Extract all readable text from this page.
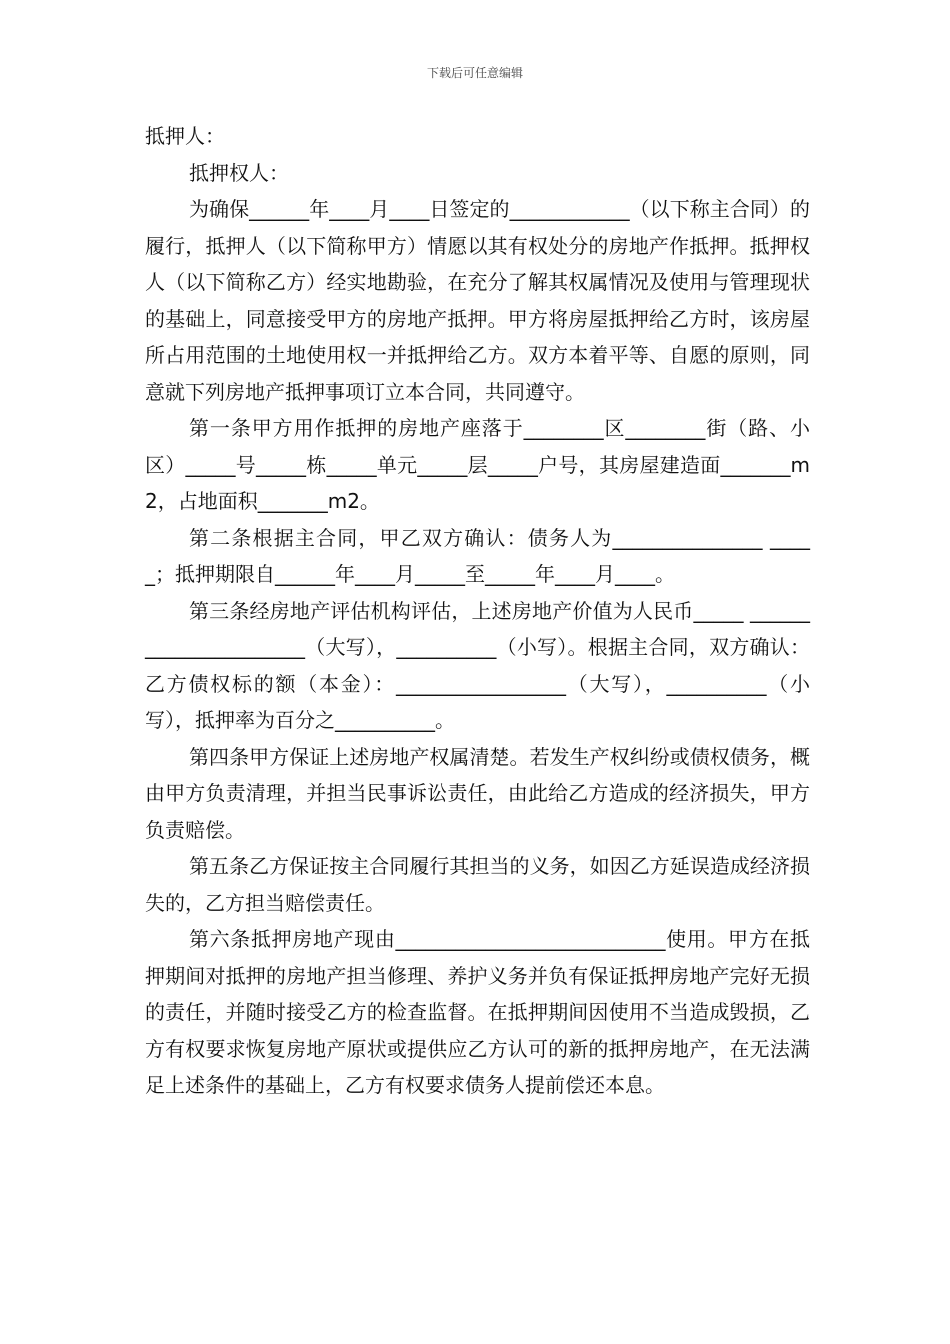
下载后可任意编辑

抵押人：

抵押权人：

为确保______年____月____日签定的____________（以下称主合同）的履行，抵押人（以下简称甲方）情愿以其有权处分的房地产作抵押。抵押权人（以下简称乙方）经实地勘验，在充分了解其权属情况及使用与管理现状的基础上，同意接受甲方的房地产抵押。甲方将房屋抵押给乙方时，该房屋所占用范围的土地使用权一并抵押给乙方。双方本着平等、自愿的原则，同意就下列房地产抵押事项订立本合同，共同遵守。

第一条甲方用作抵押的房地产座落于________区________街（路、小区）_____号_____栋_____单元_____层_____户号，其房屋建造面_______m2，占地面积_______m2。

第二条根据主合同，甲乙双方确认：债务人为_______________ _____；抵押期限自______年____月_____至_____年____月____。

第三条经房地产评估机构评估，上述房地产价值为人民币_____ ______________________（大写），__________（小写）。根据主合同，双方确认：乙方债权标的额（本金）：_________________（大写），__________（小写），抵押率为百分之__________。

第四条甲方保证上述房地产权属清楚。若发生产权纠纷或债权债务，概由甲方负责清理，并担当民事诉讼责任，由此给乙方造成的经济损失，甲方负责赔偿。

第五条乙方保证按主合同履行其担当的义务，如因乙方延误造成经济损失的，乙方担当赔偿责任。

第六条抵押房地产现由___________________________使用。甲方在抵押期间对抵押的房地产担当修理、养护义务并负有保证抵押房地产完好无损的责任，并随时接受乙方的检查监督。在抵押期间因使用不当造成毁损，乙方有权要求恢复房地产原状或提供应乙方认可的新的抵押房地产，在无法满足上述条件的基础上，乙方有权要求债务人提前偿还本息。
